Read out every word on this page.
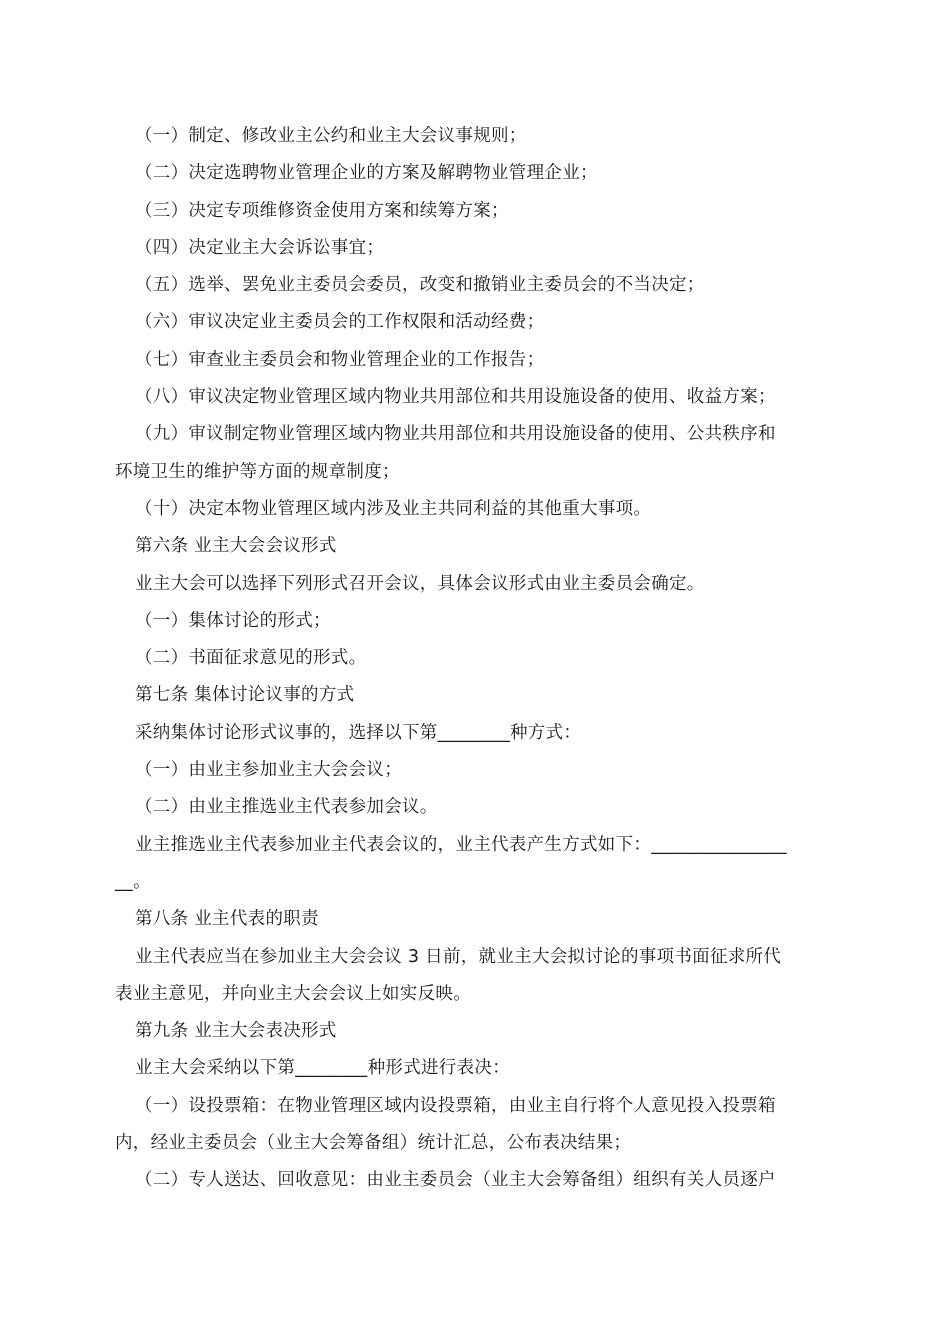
（一）制定、修改业主公约和业主大会议事规则；
（二）决定选聘物业管理企业的方案及解聘物业管理企业；
（三）决定专项维修资金使用方案和续筹方案；
（四）决定业主大会诉讼事宜；
（五）选举、罢免业主委员会委员，改变和撤销业主委员会的不当决定；
（六）审议决定业主委员会的工作权限和活动经费；
（七）审查业主委员会和物业管理企业的工作报告；
（八）审议决定物业管理区域内物业共用部位和共用设施设备的使用、收益方案；
（九）审议制定物业管理区域内物业共用部位和共用设施设备的使用、公共秩序和
环境卫生的维护等方面的规章制度；
（十）决定本物业管理区域内涉及业主共同利益的其他重大事项。
第六条 业主大会会议形式
业主大会可以选择下列形式召开会议，具体会议形式由业主委员会确定。
（一）集体讨论的形式；
（二）书面征求意见的形式。
第七条 集体讨论议事的方式
采纳集体讨论形式议事的，选择以下第________种方式：
（一）由业主参加业主大会会议；
（二）由业主推选业主代表参加会议。
业主推选业主代表参加业主代表会议的，业主代表产生方式如下：_______________
__。
第八条 业主代表的职责
业主代表应当在参加业主大会会议 3 日前，就业主大会拟讨论的事项书面征求所代
表业主意见，并向业主大会会议上如实反映。
第九条 业主大会表决形式
业主大会采纳以下第________种形式进行表决：
（一）设投票箱：在物业管理区域内设投票箱，由业主自行将个人意见投入投票箱
内，经业主委员会（业主大会筹备组）统计汇总，公布表决结果；
（二）专人送达、回收意见：由业主委员会（业主大会筹备组）组织有关人员逐户
